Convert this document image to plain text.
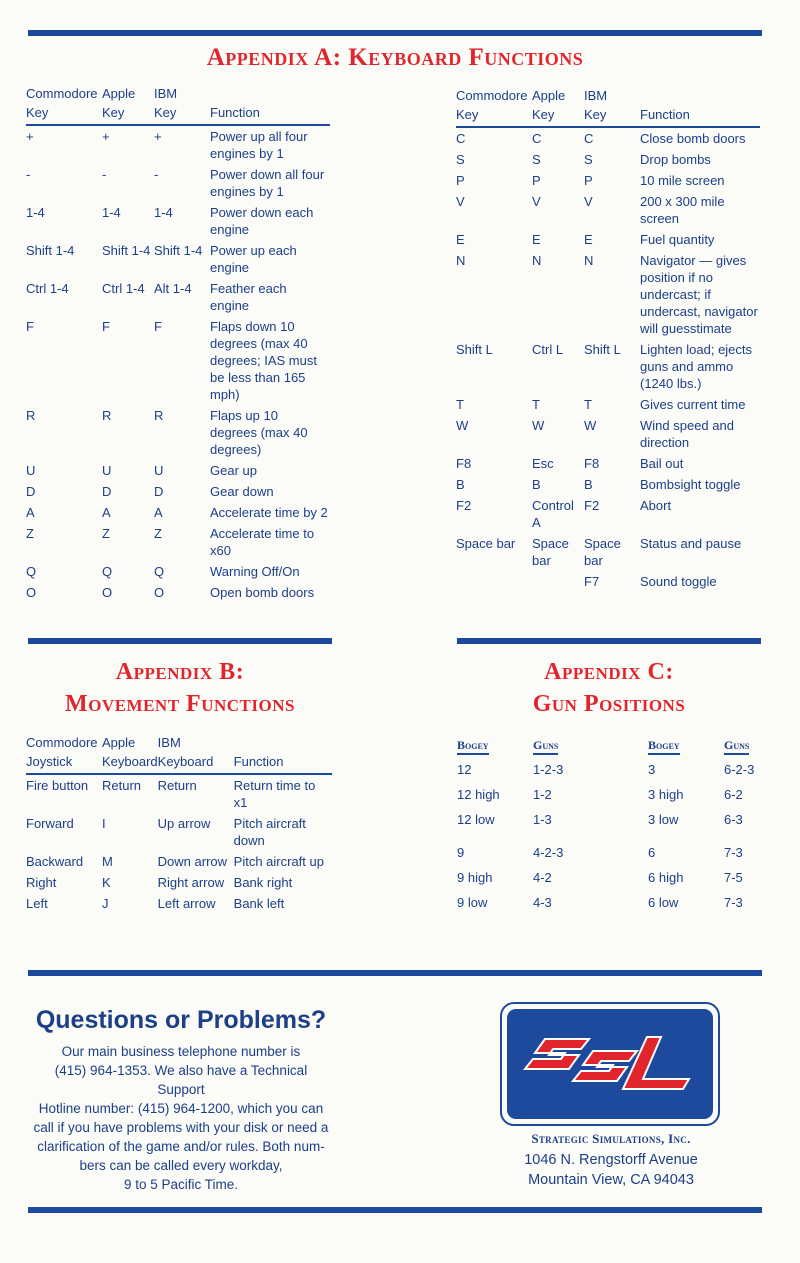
Appendix A: Keyboard Functions
Commodore	Apple	IBM	
Key	Key	Key	Function
+	+	+	Power up all four engines by 1
-	-	-	Power down all four engines by 1
1-4	1-4	1-4	Power down each engine
Shift 1-4	Shift 1-4	Shift 1-4	Power up each engine
Ctrl 1-4	Ctrl 1-4	Alt 1-4	Feather each engine
F	F	F	Flaps down 10 degrees (max 40 degrees; IAS must be less than 165 mph)
R	R	R	Flaps up 10 degrees (max 40 degrees)
U	U	U	Gear up
D	D	D	Gear down
A	A	A	Accelerate time by 2
Z	Z	Z	Accelerate time to x60
Q	Q	Q	Warning Off/On
O	O	O	Open bomb doors
Commodore	Apple	IBM	
Key	Key	Key	Function
C	C	C	Close bomb doors
S	S	S	Drop bombs
P	P	P	10 mile screen
V	V	V	200 x 300 mile screen
E	E	E	Fuel quantity
N	N	N	Navigator — gives position if no undercast; if undercast, navigator will guesstimate
Shift L	Ctrl L	Shift L	Lighten load; ejects guns and ammo (1240 lbs.)
T	T	T	Gives current time
W	W	W	Wind speed and direction
F8	Esc	F8	Bail out
B	B	B	Bombsight toggle
F2	Control A	F2	Abort
Space bar	Space bar	Space bar	Status and pause
		F7	Sound toggle
Appendix B:
Movement Functions
Commodore	Apple	IBM	
Joystick	Keyboard	Keyboard	Function
Fire button	Return	Return	Return time to x1
Forward	I	Up arrow	Pitch aircraft down
Backward	M	Down arrow	Pitch aircraft up
Right	K	Right arrow	Bank right
Left	J	Left arrow	Bank left
Appendix C:
Gun Positions
Bogey	Guns	Bogey	Guns
12	1-2-3	3	6-2-3
12 high	1-2	3 high	6-2
12 low	1-3	3 low	6-3

9	4-2-3	6	7-3
9 high	4-2	6 high	7-5
9 low	4-3	6 low	7-3
Questions or Problems?
Our main business telephone number is
(415) 964-1353. We also have a Technical Support
Hotline number: (415) 964-1200, which you can
call if you have problems with your disk or need a
clarification of the game and/or rules. Both num-
bers can be called every workday,
9 to 5 Pacific Time.
SSI
Strategic Simulations, Inc.
1046 N. Rengstorff Avenue
Mountain View, CA 94043
